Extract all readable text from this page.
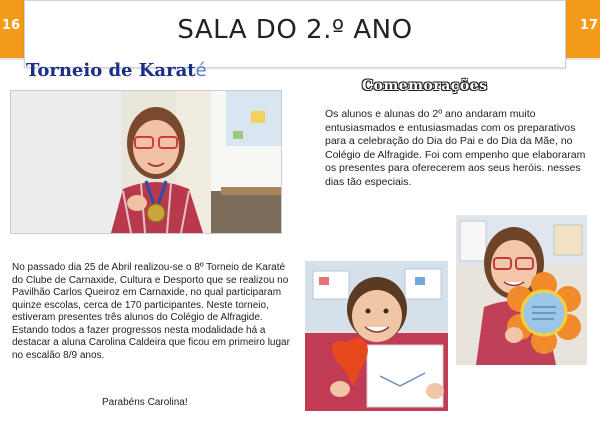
16	17
SALA DO 2.º ANO
Torneio de Karaté
Comemorações
Os alunos e alunas do 2º ano andaram muito entusiasmados e entusiasmadas com os preparativos para a celebração do Dia do Pai e do Dia da Mãe, no Colégio de Alfragide. Foi com empenho que elaboraram os presentes para oferecerem aos seus heróis. nesses dias tão especiais.
No passado dia 25 de Abril realizou-se o 8º Torneio de Karaté do Clube de Carnaxide, Cultura e Desporto que se realizou no Pavilhão Carlos Queiroz em Carnaxide, no qual participaram quinze escolas, cerca de 170 participantes. Neste torneio, estiveram presentes três alunos do Colégio de Alfragide. Estando todos a fazer progressos nesta modalidade há a destacar a aluna Carolina Caldeira que ficou em primeiro lugar no escalão 8/9 anos.
Parabéns Carolina!
